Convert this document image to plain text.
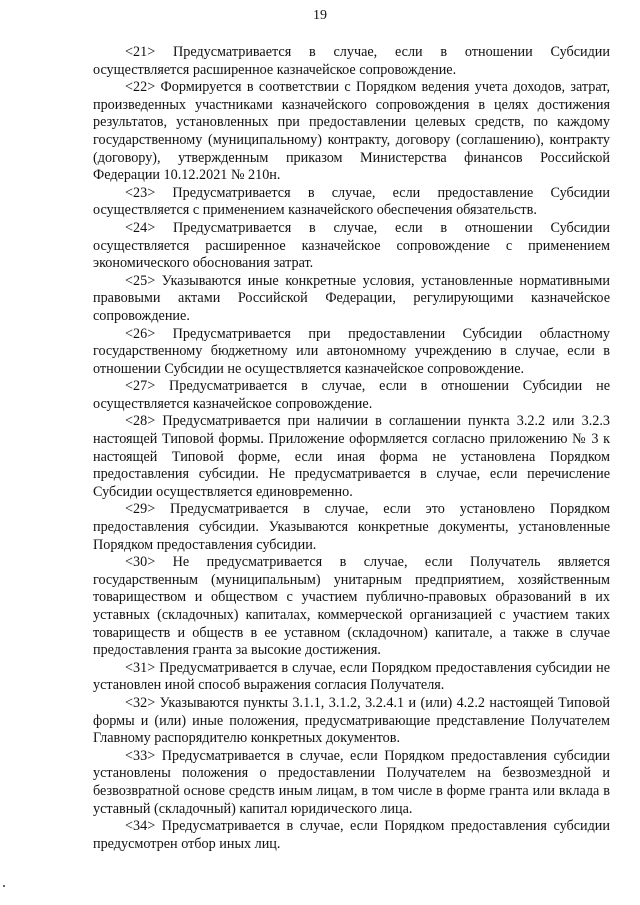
19

<21> Предусматривается в случае, если в отношении Субсидии осуществляется расширенное казначейское сопровождение.

<22> Формируется в соответствии с Порядком ведения учета доходов, затрат, произведенных участниками казначейского сопровождения в целях достижения результатов, установленных при предоставлении целевых средств, по каждому государственному (муниципальному) контракту, договору (соглашению), контракту (договору), утвержденным приказом Министерства финансов Российской Федерации 10.12.2021 № 210н.

<23> Предусматривается в случае, если предоставление Субсидии осуществляется с применением казначейского обеспечения обязательств.

<24> Предусматривается в случае, если в отношении Субсидии осуществляется расширенное казначейское сопровождение с применением экономического обоснования затрат.

<25> Указываются иные конкретные условия, установленные нормативными правовыми актами Российской Федерации, регулирующими казначейское сопровождение.

<26> Предусматривается при предоставлении Субсидии областному государственному бюджетному или автономному учреждению в случае, если в отношении Субсидии не осуществляется казначейское сопровождение.

<27> Предусматривается в случае, если в отношении Субсидии не осуществляется казначейское сопровождение.

<28> Предусматривается при наличии в соглашении пункта 3.2.2 или 3.2.3 настоящей Типовой формы. Приложение оформляется согласно приложению № 3 к настоящей Типовой форме, если иная форма не установлена Порядком предоставления субсидии. Не предусматривается в случае, если перечисление Субсидии осуществляется единовременно.

<29> Предусматривается в случае, если это установлено Порядком предоставления субсидии. Указываются конкретные документы, установленные Порядком предоставления субсидии.

<30> Не предусматривается в случае, если Получатель является государственным (муниципальным) унитарным предприятием, хозяйственным товариществом и обществом с участием публично-правовых образований в их уставных (складочных) капиталах, коммерческой организацией с участием таких товариществ и обществ в ее уставном (складочном) капитале, а также в случае предоставления гранта за высокие достижения.

<31> Предусматривается в случае, если Порядком предоставления субсидии не установлен иной способ выражения согласия Получателя.

<32> Указываются пункты 3.1.1, 3.1.2, 3.2.4.1 и (или) 4.2.2 настоящей Типовой формы и (или) иные положения, предусматривающие представление Получателем Главному распорядителю конкретных документов.

<33> Предусматривается в случае, если Порядком предоставления субсидии установлены положения о предоставлении Получателем на безвозмездной и безвозвратной основе средств иным лицам, в том числе в форме гранта или вклада в уставный (складочный) капитал юридического лица.

<34> Предусматривается в случае, если Порядком предоставления субсидии предусмотрен отбор иных лиц.
